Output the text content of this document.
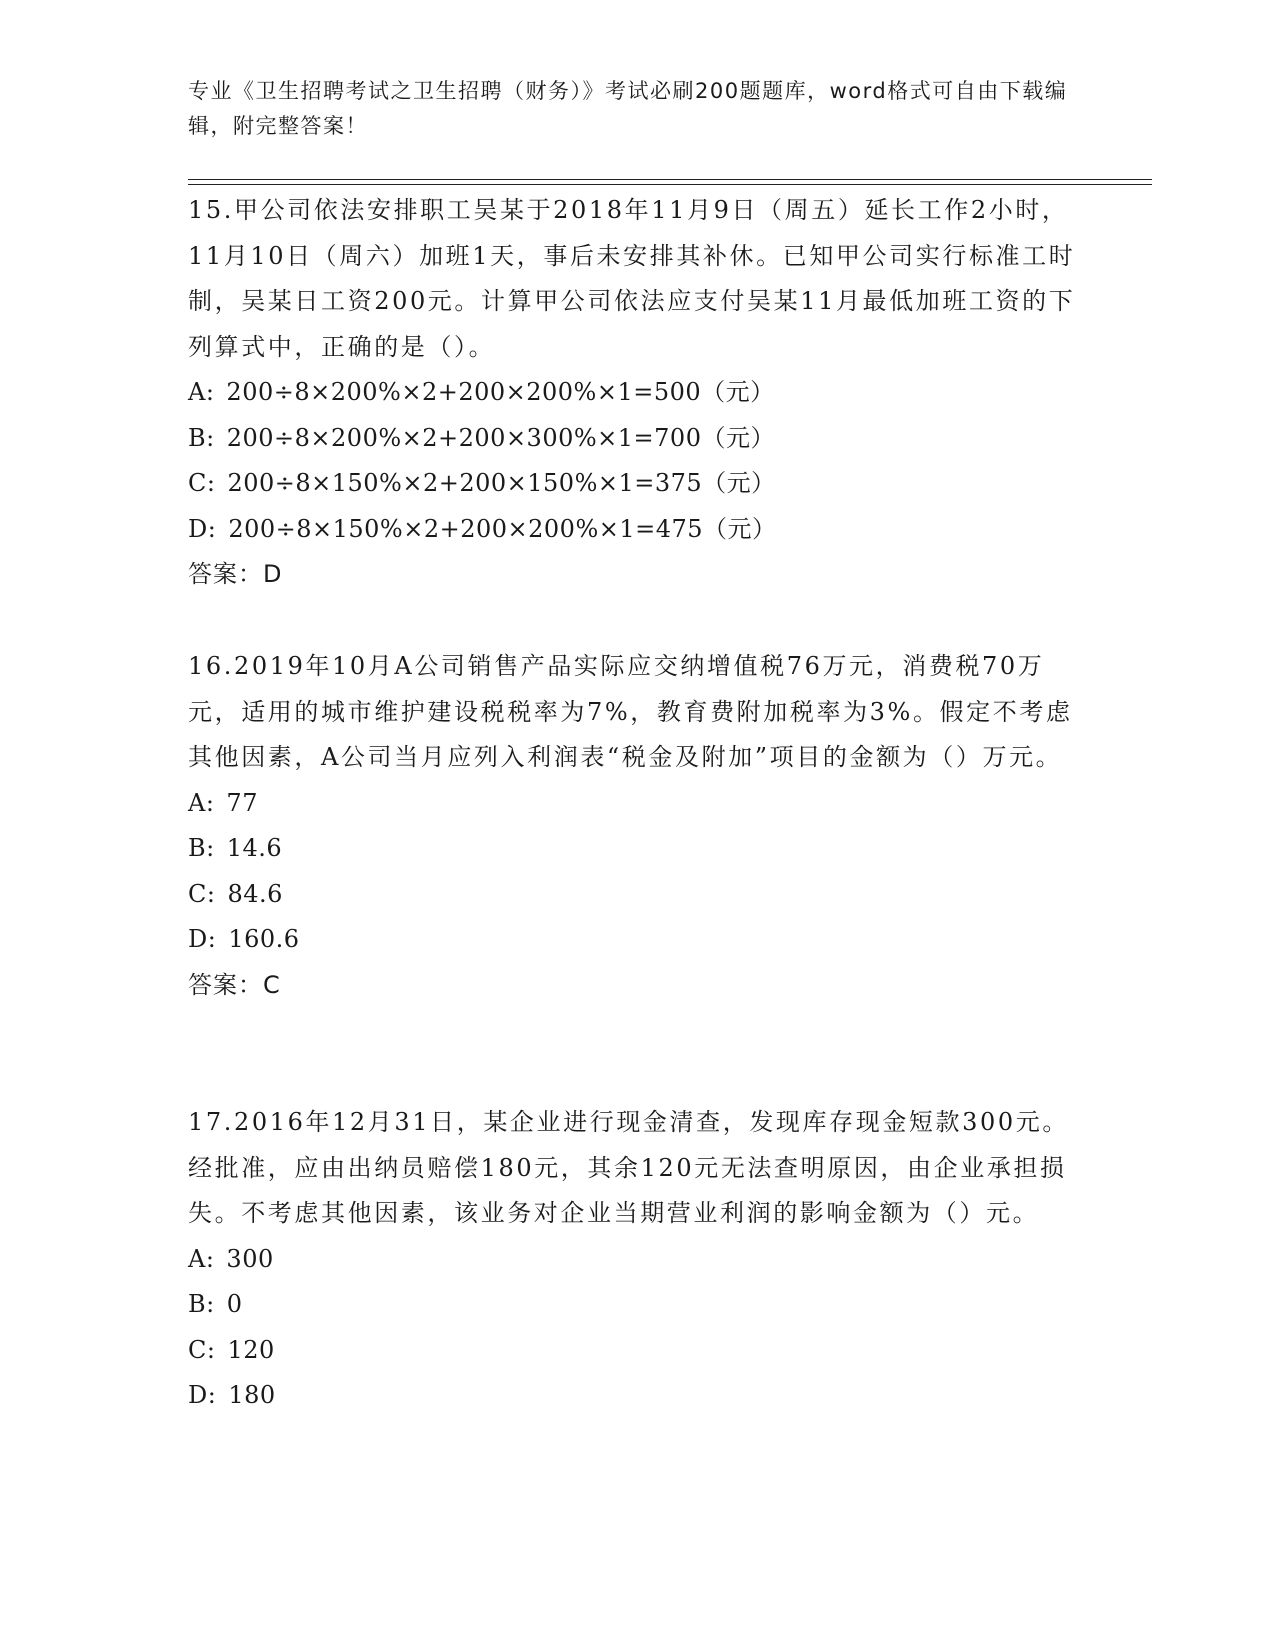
专业《卫生招聘考试之卫生招聘（财务）》考试必刷200题题库，word格式可自由下载编辑，附完整答案！

15.甲公司依法安排职工吴某于2018年11月9日（周五）延长工作2小时，11月10日（周六）加班1天，事后未安排其补休。已知甲公司实行标准工时制，吴某日工资200元。计算甲公司依法应支付吴某11月最低加班工资的下列算式中，正确的是（）。

A: 200÷8×200%×2+200×200%×1=500（元）
B: 200÷8×200%×2+200×300%×1=700（元）
C: 200÷8×150%×2+200×150%×1=375（元）
D: 200÷8×150%×2+200×200%×1=475（元）

答案：D

16.2019年10月A公司销售产品实际应交纳增值税76万元，消费税70万元，适用的城市维护建设税税率为7%，教育费附加税率为3%。假定不考虑其他因素，A公司当月应列入利润表“税金及附加”项目的金额为（）万元。

A: 77
B: 14.6
C: 84.6
D: 160.6

答案：C

17.2016年12月31日，某企业进行现金清查，发现库存现金短款300元。经批准，应由出纳员赔偿180元，其余120元无法查明原因，由企业承担损失。不考虑其他因素，该业务对企业当期营业利润的影响金额为（）元。

A: 300
B: 0
C: 120
D: 180
